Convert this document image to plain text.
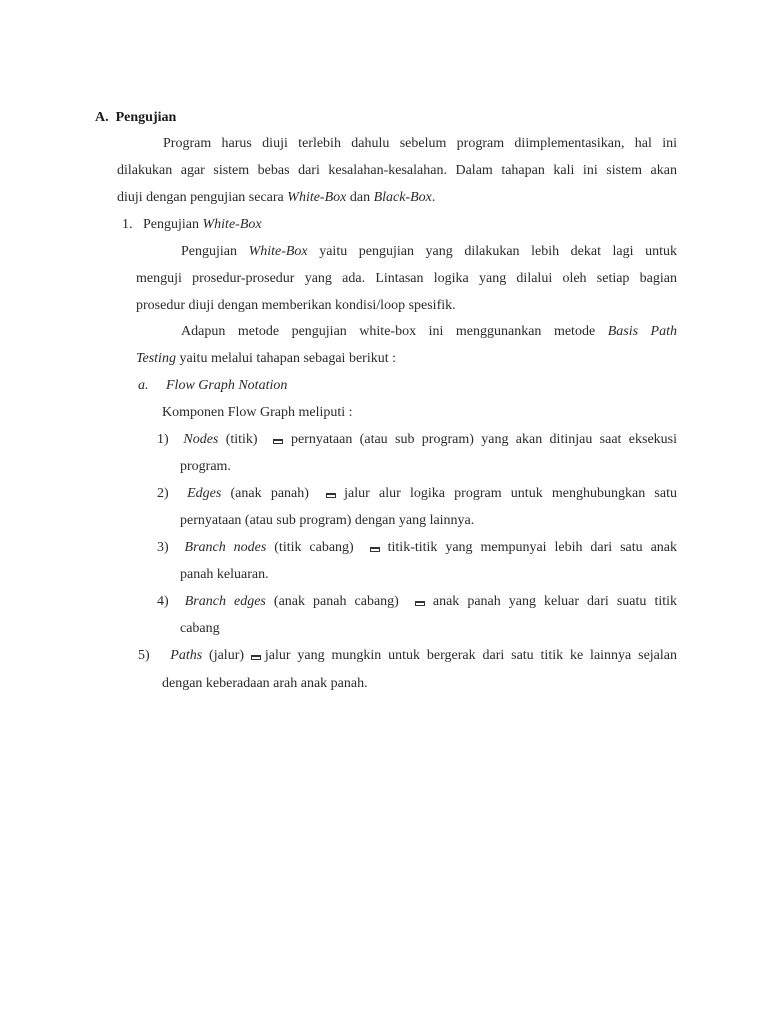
A. Pengujian
Program harus diuji terlebih dahulu sebelum program diimplementasikan, hal ini
dilakukan agar sistem bebas dari kesalahan-kesalahan. Dalam tahapan kali ini sistem akan
diuji dengan pengujian secara White-Box dan Black-Box.
1. Pengujian White-Box
Pengujian White-Box yaitu pengujian yang dilakukan lebih dekat lagi untuk
menguji prosedur-prosedur yang ada. Lintasan logika yang dilalui oleh setiap bagian
prosedur diuji dengan memberikan kondisi/loop spesifik.
Adapun metode pengujian white-box ini menggunankan metode Basis Path
Testing yaitu melalui tahapan sebagai berikut :
a. Flow Graph Notation
Komponen Flow Graph meliputi :
1) Nodes (titik) pernyataan (atau sub program) yang akan ditinjau saat eksekusi
program.
2) Edges (anak panah) jalur alur logika program untuk menghubungkan satu
pernyataan (atau sub program) dengan yang lainnya.
3) Branch nodes (titik cabang) titik-titik yang mempunyai lebih dari satu anak
panah keluaran.
4) Branch edges (anak panah cabang) anak panah yang keluar dari suatu titik
cabang
5) Paths (jalur) jalur yang mungkin untuk bergerak dari satu titik ke lainnya sejalan
dengan keberadaan arah anak panah.
